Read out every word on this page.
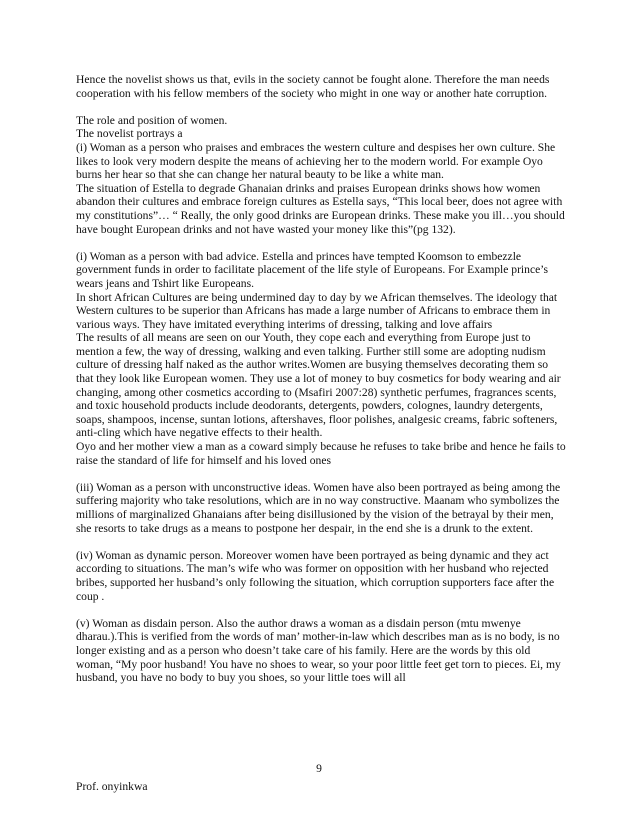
Hence the novelist shows us that, evils in the society cannot be fought alone. Therefore the man needs cooperation with his fellow members of the society who might in one way or another hate corruption.

The role and position of women.

The novelist portrays a

(i) Woman as a person who praises and embraces the western culture and despises her own culture. She likes to look very modern despite the means of achieving her to the modern world. For example Oyo burns her hear so that she can change her natural beauty to be like a white man.

The situation of Estella to degrade Ghanaian drinks and praises European drinks shows how women abandon their cultures and embrace foreign cultures as Estella says, “This local beer, does not agree with my constitutions”… “ Really, the only good drinks are European drinks. These make you ill…you should have bought European drinks and not have wasted your money like this”(pg 132).

(i) Woman as a person with bad advice. Estella and princes have tempted Koomson to embezzle government funds in order to facilitate placement of the life style of Europeans. For Example prince’s wears jeans and Tshirt like Europeans.

In short African Cultures are being undermined day to day by we African themselves. The ideology that Western cultures to be superior than Africans has made a large number of Africans to embrace them in various ways. They have imitated everything interims of dressing, talking and love affairs

The results of all means are seen on our Youth, they cope each and everything from Europe just to mention a few, the way of dressing, walking and even talking. Further still some are adopting nudism culture of dressing half naked as the author writes.Women are busying themselves decorating them so that they look like European women. They use a lot of money to buy cosmetics for body wearing and air changing, among other cosmetics according to (Msafiri 2007:28) synthetic perfumes, fragrances scents, and toxic household products include deodorants, detergents, powders, colognes, laundry detergents, soaps, shampoos, incense, suntan lotions, aftershaves, floor polishes, analgesic creams, fabric softeners, anti-cling which have negative effects to their health.

Oyo and her mother view a man as a coward simply because he refuses to take bribe and hence he fails to raise the standard of life for himself and his loved ones

(iii) Woman as a person with unconstructive ideas. Women have also been portrayed as being among the suffering majority who take resolutions, which are in no way constructive. Maanam who symbolizes the millions of marginalized Ghanaians after being disillusioned by the vision of the betrayal by their men, she resorts to take drugs as a means to postpone her despair, in the end she is a drunk to the extent.

(iv) Woman as dynamic person. Moreover women have been portrayed as being dynamic and they act according to situations. The man’s wife who was former on opposition with her husband who rejected bribes, supported her husband’s only following the situation, which corruption supporters face after the coup .

(v) Woman as disdain person. Also the author draws a woman as a disdain person (mtu mwenye dharau.).This is verified from the words of man’ mother-in-law which describes man as is no body, is no longer existing and as a person who doesn’t take care of his family. Here are the words by this old woman, “My poor husband! You have no shoes to wear, so your poor little feet get torn to pieces. Ei, my husband, you have no body to buy you shoes, so your little toes will all

9
Prof. onyinkwa
